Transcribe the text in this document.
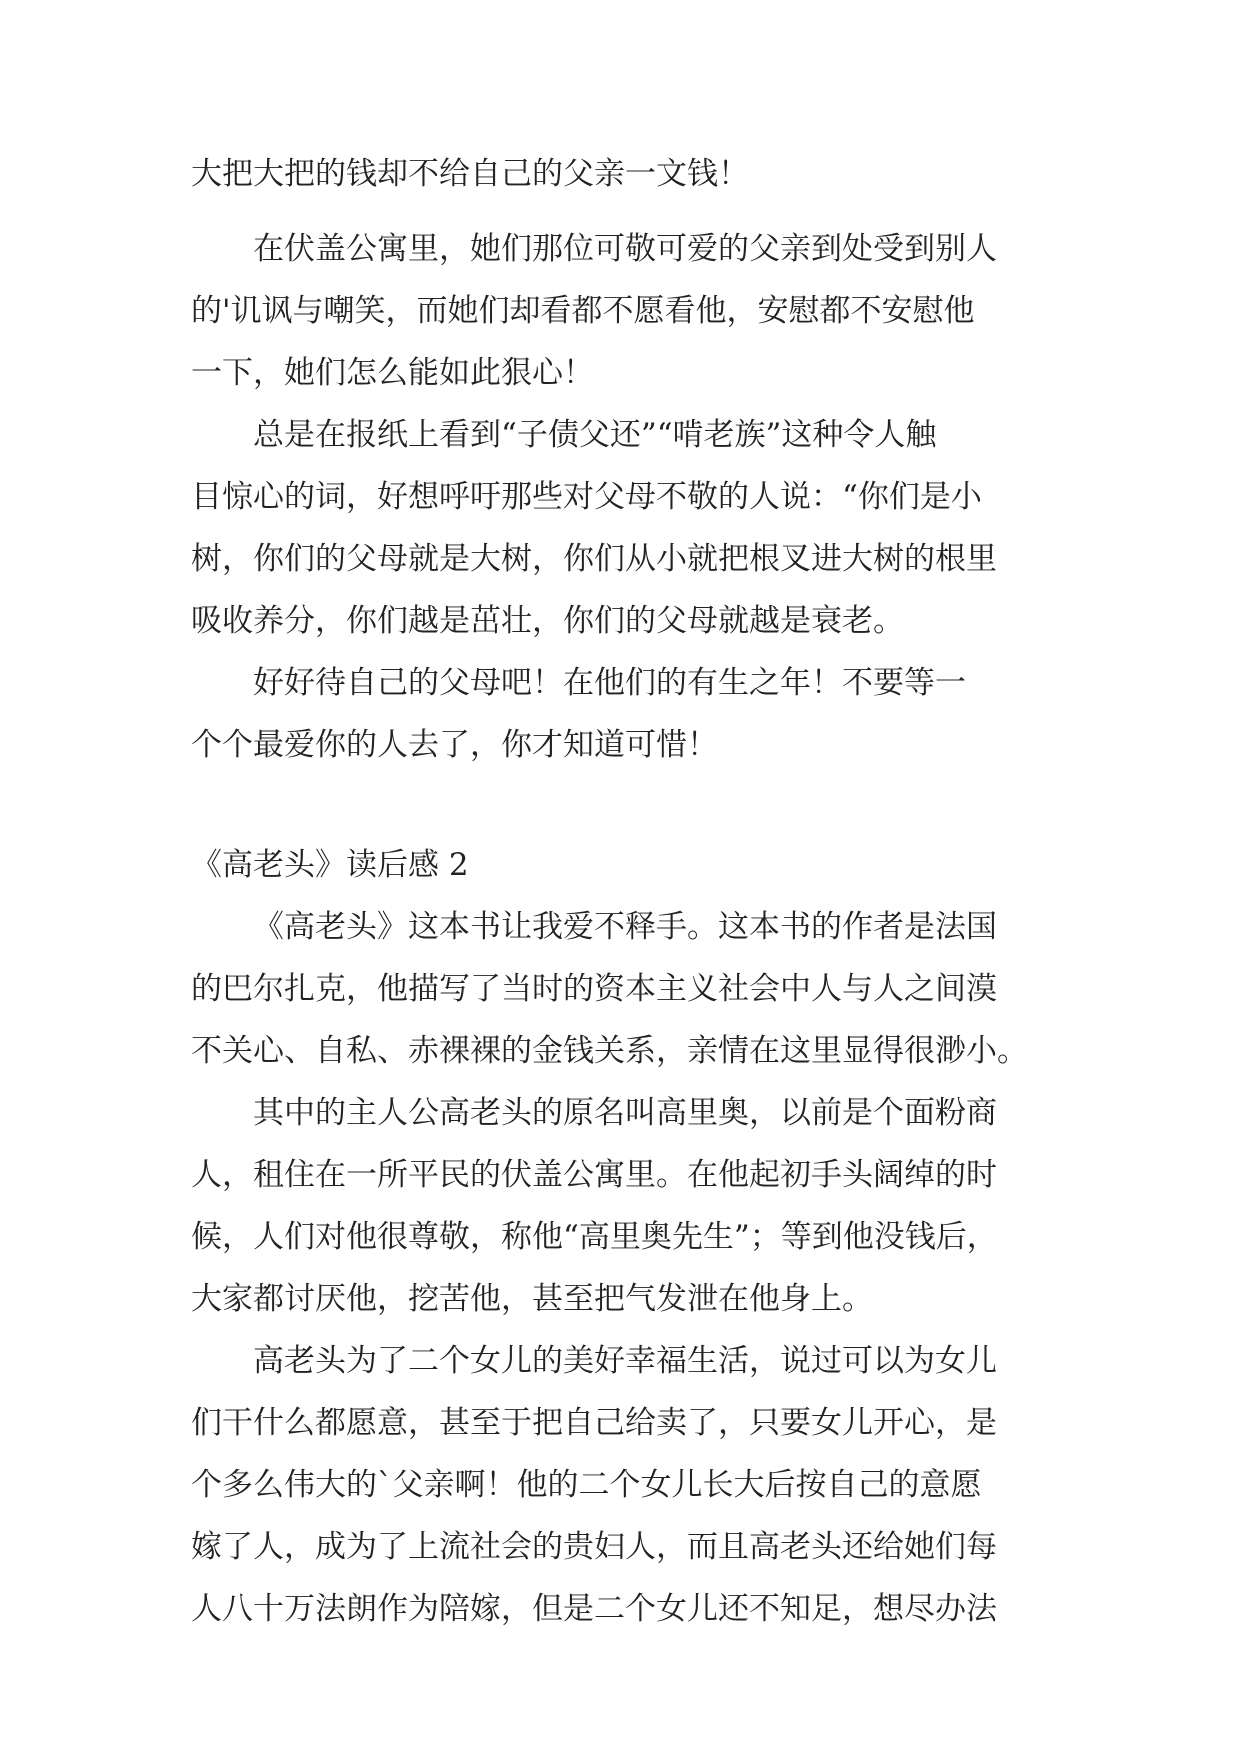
大把大把的钱却不给自己的父亲一文钱！
在伏盖公寓里，她们那位可敬可爱的父亲到处受到别人
的'讥讽与嘲笑，而她们却看都不愿看他，安慰都不安慰他
一下，她们怎么能如此狠心！
总是在报纸上看到“子债父还”“啃老族”这种令人触
目惊心的词，好想呼吁那些对父母不敬的人说：“你们是小
树，你们的父母就是大树，你们从小就把根叉进大树的根里
吸收养分，你们越是茁壮，你们的父母就越是衰老。
好好待自己的父母吧！在他们的有生之年！不要等一
个个最爱你的人去了，你才知道可惜！
《高老头》读后感 2
《高老头》这本书让我爱不释手。这本书的作者是法国
的巴尔扎克，他描写了当时的资本主义社会中人与人之间漠
不关心、自私、赤裸裸的金钱关系，亲情在这里显得很渺小。
其中的主人公高老头的原名叫高里奥，以前是个面粉商
人，租住在一所平民的伏盖公寓里。在他起初手头阔绰的时
候，人们对他很尊敬，称他“高里奥先生”；等到他没钱后，
大家都讨厌他，挖苦他，甚至把气发泄在他身上。
高老头为了二个女儿的美好幸福生活，说过可以为女儿
们干什么都愿意，甚至于把自己给卖了，只要女儿开心，是
个多么伟大的`父亲啊！他的二个女儿长大后按自己的意愿
嫁了人，成为了上流社会的贵妇人，而且高老头还给她们每
人八十万法朗作为陪嫁，但是二个女儿还不知足，想尽办法
